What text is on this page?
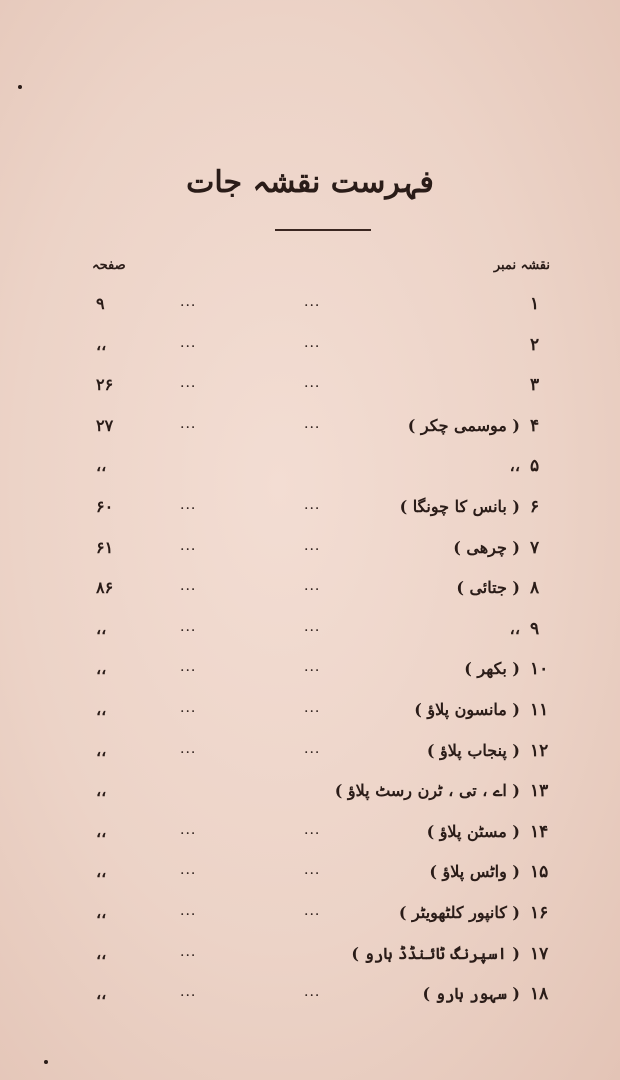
فہرست نقشہ جات
صفحہ	نقشہ نمبر
۱
...
...
۹
۲
...
...
،،
۳
...
...
۲۶
۴
( موسمی چکر )
...
...
۲۷
۵
،،
،،
۶
( بانس کا چونگا )
...
...
۶۰
۷
( چرھی )
...
...
۶۱
۸
( جتائی )
...
...
۸۶
۹
،،
...
...
،،
۱۰
( بکھر )
...
...
،،
۱۱
( مانسون پلاؤ )
...
...
،،
۱۲
( پنجاب پلاؤ )
...
...
،،
۱۳
( اے ، تی ، ٹرن رسٹ پلاؤ )
،،
۱۴
( مسٹن پلاؤ )
...
...
،،
۱۵
( واٹس پلاؤ )
...
...
،،
۱۶
( کانپور کلٹھویٹر )
...
...
،،
۱۷
( اسپرنگ ٹائنڈڈ ہارو )
...
،،
۱۸
( سہور ہارو )
...
...
،،
